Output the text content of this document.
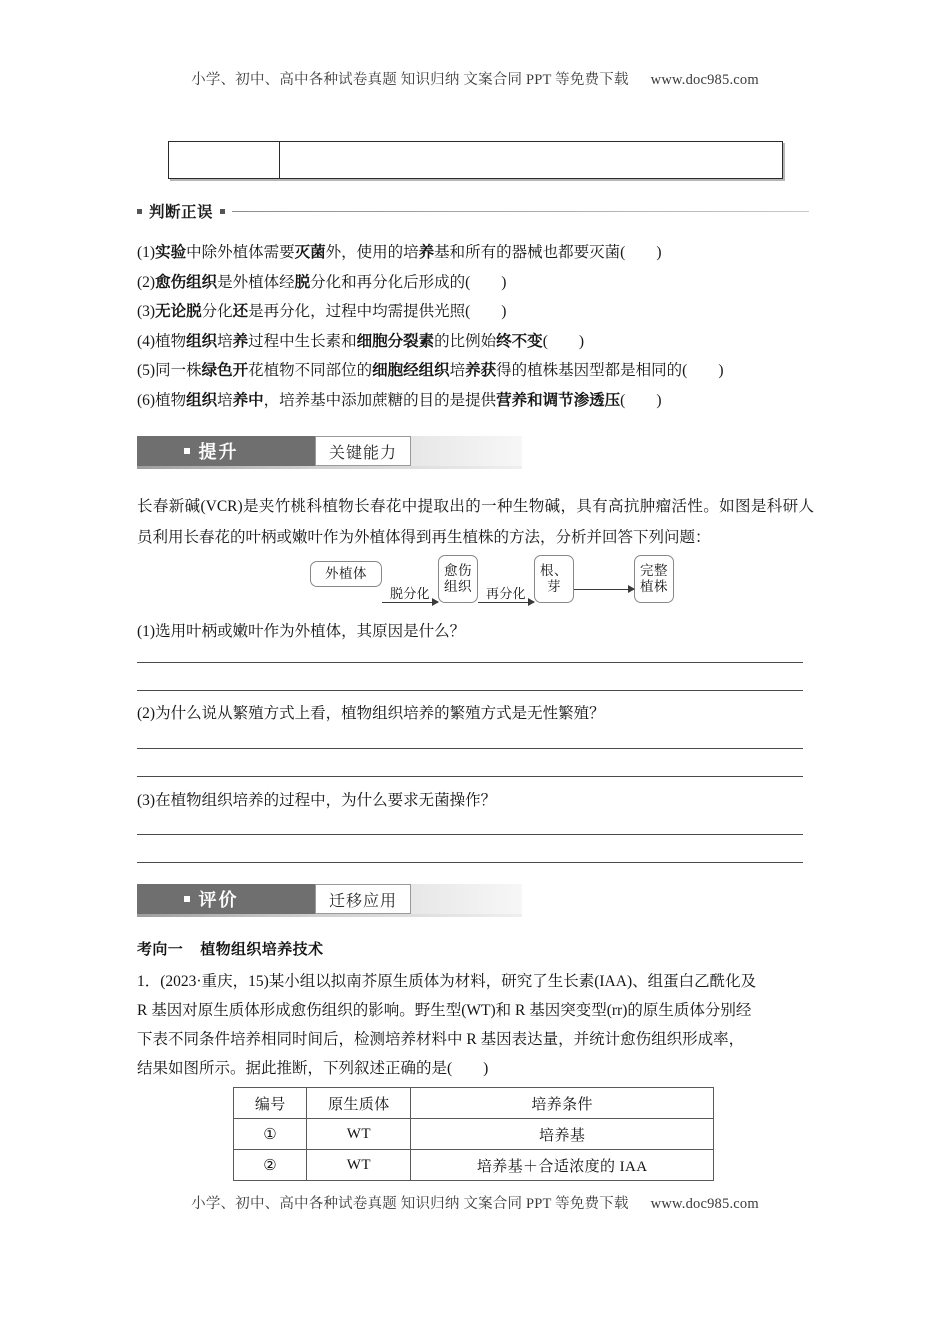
小学、初中、高中各种试卷真题 知识归纳 文案合同 PPT 等免费下载 www.doc985.com
判断正误
(1)实验中除外植体需要灭菌外，使用的培养基和所有的器械也都要灭菌(　　)
(2)愈伤组织是外植体经脱分化和再分化后形成的(　　)
(3)无论脱分化还是再分化，过程中均需提供光照(　　)
(4)植物组织培养过程中生长素和细胞分裂素的比例始终不变(　　)
(5)同一株绿色开花植物不同部位的细胞经组织培养获得的植株基因型都是相同的(　　)
(6)植物组织培养中，培养基中添加蔗糖的目的是提供营养和调节渗透压(　　)
提升	关键能力
长春新碱(VCR)是夹竹桃科植物长春花中提取出的一种生物碱，具有高抗肿瘤活性。如图是科研人员利用长春花的叶柄或嫩叶作为外植体得到再生植株的方法，分析并回答下列问题：
外植体
脱分化
愈伤
组织	再分化
根、
芽
完整
植株
(1)选用叶柄或嫩叶作为外植体，其原因是什么？
(2)为什么说从繁殖方式上看，植物组织培养的繁殖方式是无性繁殖？
(3)在植物组织培养的过程中，为什么要求无菌操作？
评价	迁移应用
考向一 植物组织培养技术
1．(2023·重庆，15)某小组以拟南芥原生质体为材料，研究了生长素(IAA)、组蛋白乙酰化及
R 基因对原生质体形成愈伤组织的影响。野生型(WT)和 R 基因突变型(rr)的原生质体分别经
下表不同条件培养相同时间后，检测培养材料中 R 基因表达量，并统计愈伤组织形成率，
结果如图所示。据此推断，下列叙述正确的是(　　)
编号	原生质体	培养条件
①	WT	培养基
②	WT	培养基＋合适浓度的 IAA
小学、初中、高中各种试卷真题 知识归纳 文案合同 PPT 等免费下载 www.doc985.com
